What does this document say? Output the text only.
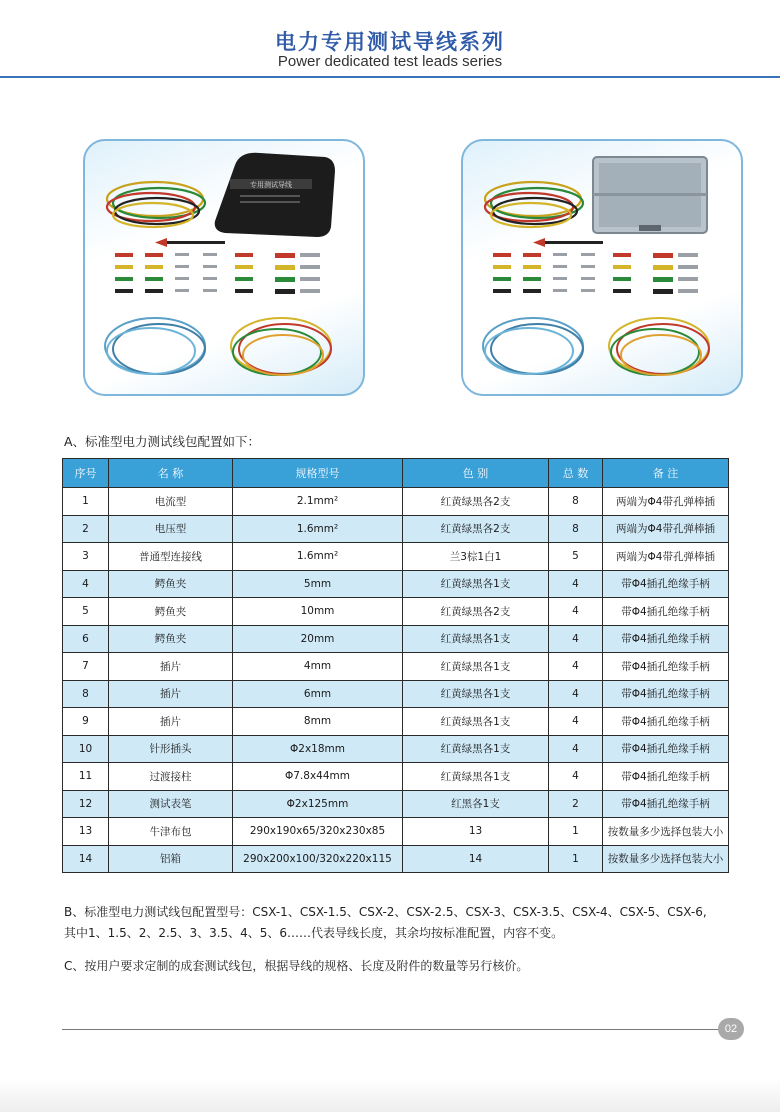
电力专用测试导线系列
Power dedicated test leads series
专用测试导线
A、标准型电力测试线包配置如下：
序号	名 称	规格型号	色 别	总 数	备 注
1	电流型	2.1mm²	红黄绿黑各2支	8	两端为Φ4带孔弹棒插
2	电压型	1.6mm²	红黄绿黑各2支	8	两端为Φ4带孔弹棒插
3	普通型连接线	1.6mm²	兰3棕1白1	5	两端为Φ4带孔弹棒插
4	鳄鱼夹	5mm	红黄绿黑各1支	4	带Φ4插孔绝缘手柄
5	鳄鱼夹	10mm	红黄绿黑各2支	4	带Φ4插孔绝缘手柄
6	鳄鱼夹	20mm	红黄绿黑各1支	4	带Φ4插孔绝缘手柄
7	插片	4mm	红黄绿黑各1支	4	带Φ4插孔绝缘手柄
8	插片	6mm	红黄绿黑各1支	4	带Φ4插孔绝缘手柄
9	插片	8mm	红黄绿黑各1支	4	带Φ4插孔绝缘手柄
10	针形插头	Φ2x18mm	红黄绿黑各1支	4	带Φ4插孔绝缘手柄
11	过渡接柱	Φ7.8x44mm	红黄绿黑各1支	4	带Φ4插孔绝缘手柄
12	测试表笔	Φ2x125mm	红黑各1支	2	带Φ4插孔绝缘手柄
13	牛津布包	290x190x65/320x230x85	13	1	按数量多少选择包装大小
14	铝箱	290x200x100/320x220x115	14	1	按数量多少选择包装大小
B、标准型电力测试线包配置型号：CSX-1、CSX-1.5、CSX-2、CSX-2.5、CSX-3、CSX-3.5、CSX-4、CSX-5、CSX-6,
其中1、1.5、2、2.5、3、3.5、4、5、6……代表导线长度，其余均按标准配置，内容不变。
C、按用户要求定制的成套测试线包，根据导线的规格、长度及附件的数量等另行核价。
02
